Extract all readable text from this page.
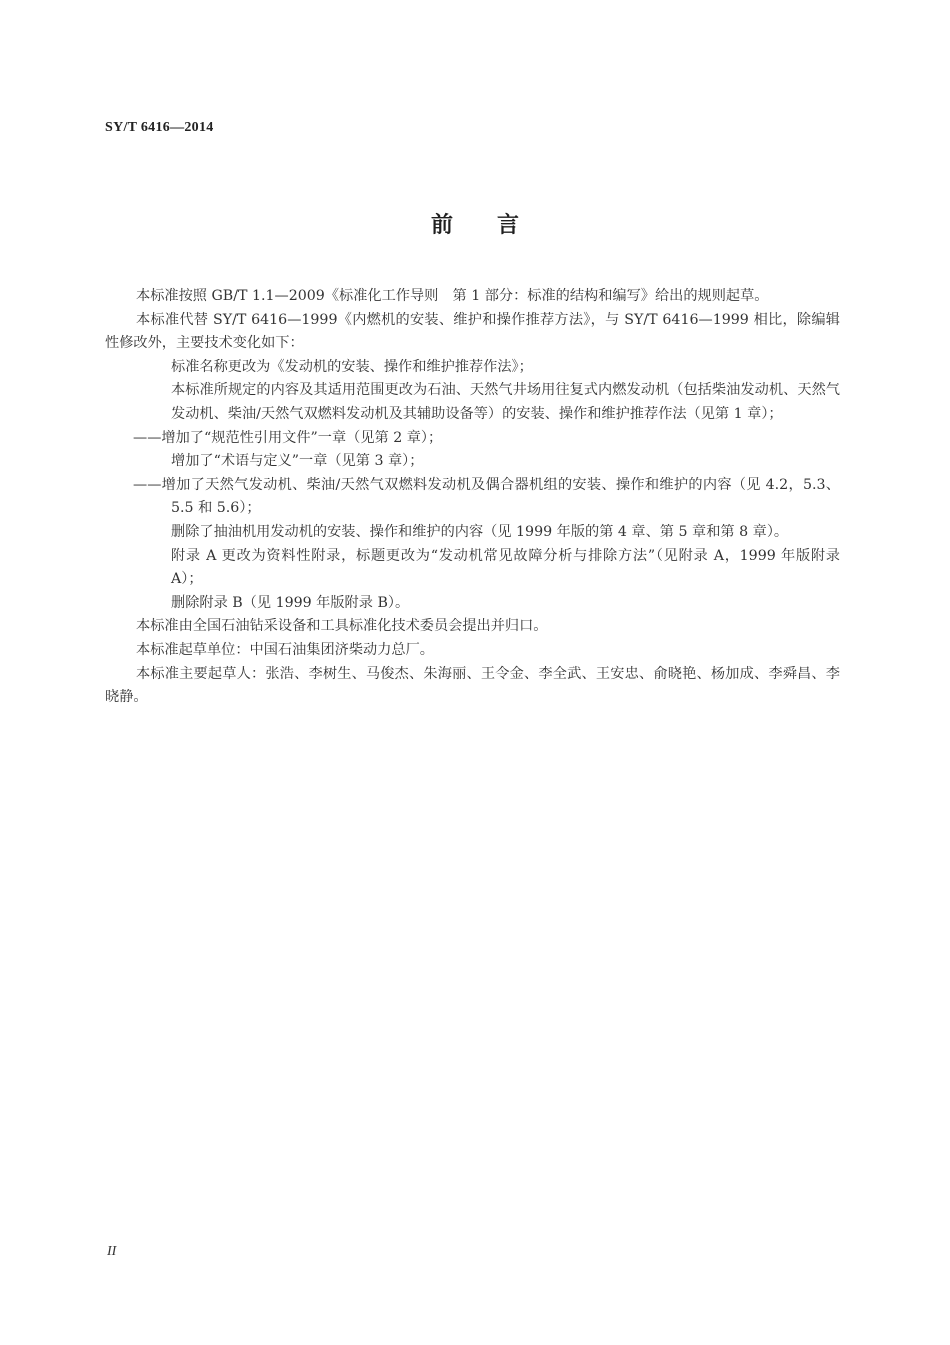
SY/T 6416—2014
前言

本标准按照 GB/T 1.1—2009《标准化工作导则　第 1 部分：标准的结构和编写》给出的规则起草。

本标准代替 SY/T 6416—1999《内燃机的安装、维护和操作推荐方法》，与 SY/T 6416—1999 相比，除编辑性修改外，主要技术变化如下：

标准名称更改为《发动机的安装、操作和维护推荐作法》；

本标准所规定的内容及其适用范围更改为石油、天然气井场用往复式内燃发动机（包括柴油发动机、天然气发动机、柴油/天然气双燃料发动机及其辅助设备等）的安装、操作和维护推荐作法（见第 1 章）；

——增加了“规范性引用文件”一章（见第 2 章）；

增加了“术语与定义”一章（见第 3 章）；

——增加了天然气发动机、柴油/天然气双燃料发动机及偶合器机组的安装、操作和维护的内容（见 4.2，5.3、5.5 和 5.6）；

删除了抽油机用发动机的安装、操作和维护的内容（见 1999 年版的第 4 章、第 5 章和第 8 章）。

附录 A 更改为资料性附录，标题更改为“发动机常见故障分析与排除方法”（见附录 A，1999 年版附录 A）；

删除附录 B（见 1999 年版附录 B）。

本标准由全国石油钻采设备和工具标准化技术委员会提出并归口。

本标准起草单位：中国石油集团济柴动力总厂。

本标准主要起草人：张浩、李树生、马俊杰、朱海丽、王令金、李全武、王安忠、俞晓艳、杨加成、李舜昌、李晓静。

II
